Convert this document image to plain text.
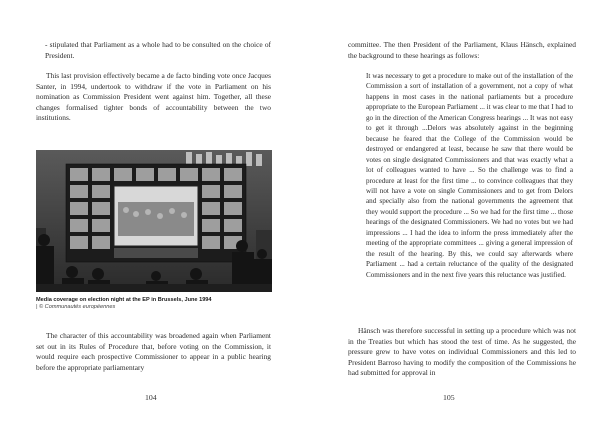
- stipulated that Parliament as a whole had to be consulted on the choice of President.
This last provision effectively became a de facto binding vote once Jacques Santer, in 1994, undertook to withdraw if the vote in Parliament on his nomination as Commission President went against him. Together, all these changes formalised tighter bonds of accountability between the two institutions.
Media coverage on election night at the EP in Brussels, June 1994
| © Communautés européennes
The character of this accountability was broadened again when Parliament set out in its Rules of Procedure that, before voting on the Commission, it would require each prospective Commissioner to appear in a public hearing before the appropriate parliamentary
104
committee. The then President of the Parliament, Klaus Hänsch, explained the background to these hearings as follows:
It was necessary to get a procedure to make out of the installation of the Commission a sort of installation of a government, not a copy of what happens in most cases in the national parliaments but a procedure appropriate to the European Parliament ... it was clear to me that I had to go in the direction of the American Congress hearings ... It was not easy to get it through ...Delors was absolutely against in the beginning because he feared that the College of the Commission would be destroyed or endangered at least, because he saw that there would be votes on single designated Commissioners and that was exactly what a lot of colleagues wanted to have ... So the challenge was to find a procedure at least for the first time ... to convince colleagues that they will not have a vote on single Commissioners and to get from Delors and specially also from the national governments the agreement that they would support the procedure ... So we had for the first time ... those hearings of the designated Commissioners. We had no votes but we had impressions ... I had the idea to inform the press immediately after the meeting of the appropriate committees ... giving a general impression of the result of the hearing. By this, we could say afterwards where Parliament ... had a certain reluctance of the quality of the designated Commissioners and in the next five years this reluctance was justified.
Hänsch was therefore successful in setting up a procedure which was not in the Treaties but which has stood the test of time. As he suggested, the pressure grew to have votes on individual Commissioners and this led to President Barroso having to modify the composition of the Commissions he had submitted for approval in
105
